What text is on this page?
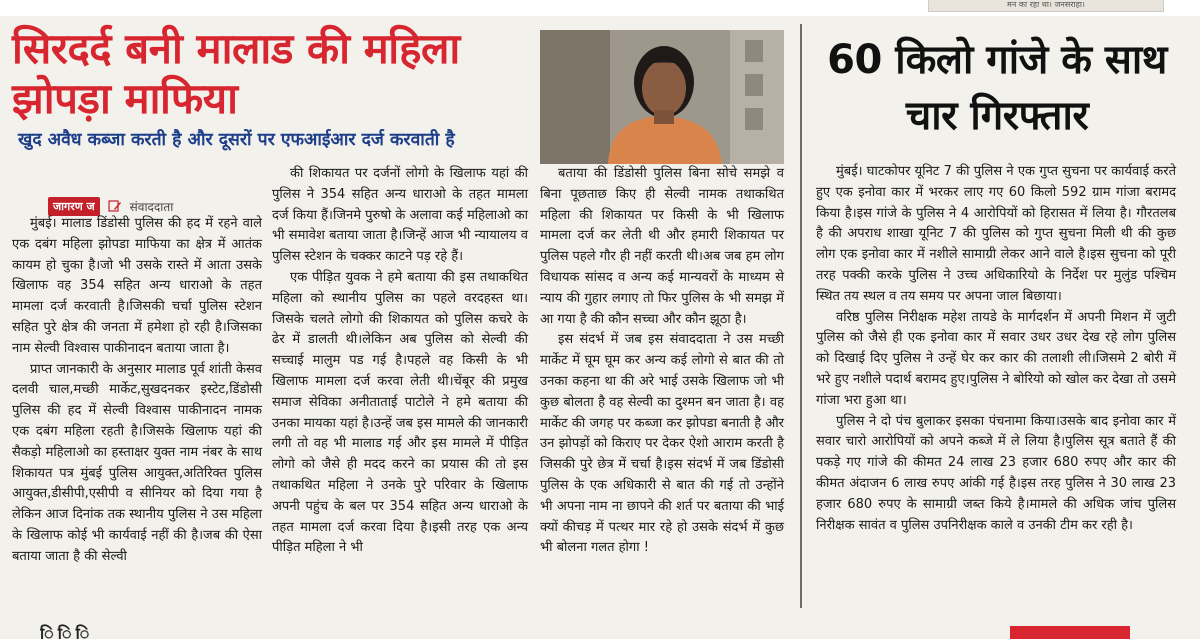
मन का रहा था। जनसराहा।
सिरदर्द बनी मालाड की महिला झोपड़ा माफिया
खुद अवैध कब्जा करती है और दूसरों पर एफआईआर दर्ज करवाती है
जागरण ज	संवाददाता

मुंबई। मालाड डिंडोसी पुलिस की हद में रहने वाले एक दबंग महिला झोपडा माफिया का क्षेत्र में आतंक कायम हो चुका है।जो भी उसके रास्ते में आता उसके खिलाफ वह 354 सहित अन्य धाराओ के तहत मामला दर्ज करवाती है।जिसकी चर्चा पुलिस स्टेशन सहित पुरे क्षेत्र की जनता में हमेशा हो रही है।जिसका नाम सेल्वी विश्वास पाकीनादन बताया जाता है।

प्राप्त जानकारी के अनुसार मालाड पूर्व शांती केसव दलवी चाल,मच्छी मार्केट,सुखदनकर इस्टेट,डिंडोसी पुलिस की हद में सेल्वी विश्वास पाकीनादन नामक एक दबंग महिला रहती है।जिसके खिलाफ यहां की सैकड़ो महिलाओ का हस्ताक्षर युक्त नाम नंबर के साथ शिकायत पत्र मुंबई पुलिस आयुक्त,अतिरिक्त पुलिस आयुक्त,डीसीपी,एसीपी व सीनियर को दिया गया है लेकिन आज दिनांक तक स्थानीय पुलिस ने उस महिला के खिलाफ कोई भी कार्यवाई नहीं की है।जब की ऐसा बताया जाता है की सेल्वी

की शिकायत पर दर्जनों लोगो के खिलाफ यहां की पुलिस ने 354 सहित अन्य धाराओ के तहत मामला दर्ज किया हैं।जिनमे पुरुषो के अलावा कई महिलाओ का भी समावेश बताया जाता है।जिन्हें आज भी न्यायालय व पुलिस स्टेशन के चक्कर काटने पड़ रहे हैं।

एक पीड़ित युवक ने हमे बताया की इस तथाकथित महिला को स्थानीय पुलिस का पहले वरदहस्त था।जिसके चलते लोगो की शिकायत को पुलिस कचरे के ढेर में डालती थी।लेकिन अब पुलिस को सेल्वी की सच्चाई मालुम पड गई है।पहले वह किसी के भी खिलाफ मामला दर्ज करवा लेती थी।चेंबूर की प्रमुख समाज सेविका अनीताताई पाटोले ने हमे बताया की उनका मायका यहां है।उन्हें जब इस मामले की जानकारी लगी तो वह भी मालाड गई और इस मामले में पीड़ित लोगो को जैसे ही मदद करने का प्रयास की तो इस तथाकथित महिला ने उनके पुरे परिवार के खिलाफ अपनी पहुंच के बल पर 354 सहित अन्य धाराओ के तहत मामला दर्ज करवा दिया है।इसी तरह एक अन्य पीड़ित महिला ने भी

बताया की डिंडोसी पुलिस बिना सोचे समझे व बिना पूछताछ किए ही सेल्वी नामक तथाकथित महिला की शिकायत पर किसी के भी खिलाफ मामला दर्ज कर लेती थी और हमारी शिकायत पर पुलिस पहले गौर ही नहीं करती थी।अब जब हम लोग विधायक सांसद व अन्य कई मान्यवरों के माध्यम से न्याय की गुहार लगाए तो फिर पुलिस के भी समझ में आ गया है की कौन सच्चा और कौन झूठा है।

इस संदर्भ में जब इस संवाददाता ने उस मच्छी मार्केट में घूम घूम कर अन्य कई लोगो से बात की तो उनका कहना था की अरे भाई उसके खिलाफ जो भी कुछ बोलता है वह सेल्वी का दुश्मन बन जाता है। वह मार्केट की जगह पर कब्जा कर झोपडा बनाती है और उन झोपड़ों को किराए पर देकर ऐशो आराम करती है जिसकी पुरे छेत्र में चर्चा है।इस संदर्भ में जब डिंडोसी पुलिस के एक अधिकारी से बात की गई तो उन्होंने भी अपना नाम ना छापने की शर्त पर बताया की भाई क्यों कीचड़ में पत्थर मार रहे हो उसके संदर्भ में कुछ भी बोलना गलत होगा !

60 किलो गांजे के साथ चार गिरफ्तार

मुंबई। घाटकोपर यूनिट 7 की पुलिस ने एक गुप्त सुचना पर कार्यवाई करते हुए एक इनोवा कार में भरकर लाए गए 60 किलो 592 ग्राम गांजा बरामद किया है।इस गांजे के पुलिस ने 4 आरोपियों को हिरासत में लिया है। गौरतलब है की अपराध शाखा यूनिट 7 की पुलिस को गुप्त सुचना मिली थी की कुछ लोग एक इनोवा कार में नशीले सामाग्री लेकर आने वाले है।इस सुचना को पूरी तरह पक्की करके पुलिस ने उच्च अधिकारियो के निर्देश पर मुलुंड पश्चिम स्थित तय स्थल व तय समय पर अपना जाल बिछाया।

वरिष्ठ पुलिस निरीक्षक महेश तायडे के मार्गदर्शन में अपनी मिशन में जुटी पुलिस को जैसे ही एक इनोवा कार में सवार उधर उधर देख रहे लोग पुलिस को दिखाई दिए पुलिस ने उन्हें घेर कर कार की तलाशी ली।जिसमे 2 बोरी में भरे हुए नशीले पदार्थ बरामद हुए।पुलिस ने बोरियो को खोल कर देखा तो उसमे गांजा भरा हुआ था।

पुलिस ने दो पंच बुलाकर इसका पंचनामा किया।उसके बाद इनोवा कार में सवार चारो आरोपियों को अपने कब्जे में ले लिया है।पुलिस सूत्र बताते हैं की पकड़े गए गांजे की कीमत 24 लाख 23 हजार 680 रुपए और कार की कीमत अंदाजन 6 लाख रुपए आंकी गई है।इस तरह पुलिस ने 30 लाख 23 हजार 680 रुपए के सामाग्री जब्त किये है।मामले की अधिक जांच पुलिस निरीक्षक सावंत व पुलिस उपनिरीक्षक काले व उनकी टीम कर रही है।

ि ि ि
